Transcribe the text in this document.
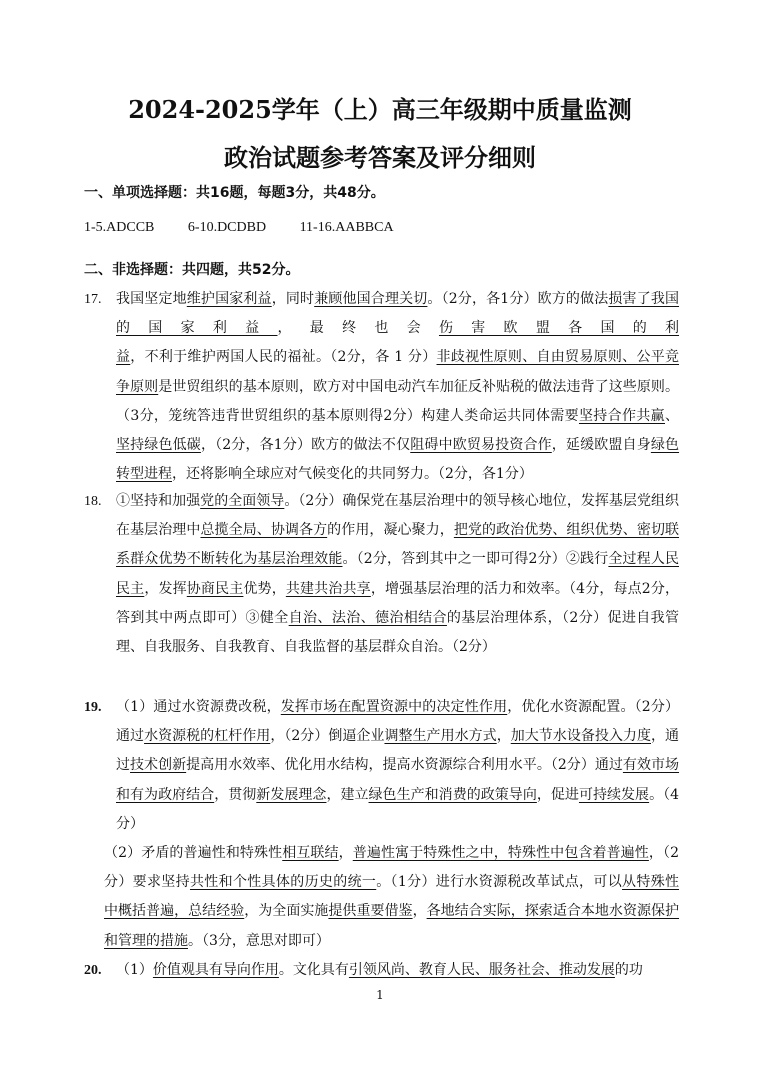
2024-2025学年（上）高三年级期中质量监测
政治试题参考答案及评分细则

一、单项选择题：共16题，每题3分，共48分。

1-5.ADCCB 6-10.DCDBD 11-16.AABBCA

二、非选择题：共四题，共52分。

17. 我国坚定地维护国家利益，同时兼顾他国合理关切。（2分，各1分）欧方的做法损害了我国的国家利益，最终也会伤害欧盟各国的利益，不利于维护两国人民的福祉。（2分，各 1 分）非歧视性原则、自由贸易原则、公平竞争原则是世贸组织的基本原则，欧方对中国电动汽车加征反补贴税的做法违背了这些原则。（3分，笼统答违背世贸组织的基本原则得2分）构建人类命运共同体需要坚持合作共赢、坚持绿色低碳，（2分，各1分）欧方的做法不仅阻碍中欧贸易投资合作，延缓欧盟自身绿色转型进程，还将影响全球应对气候变化的共同努力。（2分，各1分）
18. ①坚持和加强党的全面领导。（2分）确保党在基层治理中的领导核心地位，发挥基层党组织在基层治理中总揽全局、协调各方的作用，凝心聚力，把党的政治优势、组织优势、密切联系群众优势不断转化为基层治理效能。（2分，答到其中之一即可得2分）②践行全过程人民民主，发挥协商民主优势，共建共治共享，增强基层治理的活力和效率。（4分，每点2分，答到其中两点即可）③健全自治、法治、德治相结合的基层治理体系，（2分）促进自我管理、自我服务、自我教育、自我监督的基层群众自治。（2分）
19. （1）通过水资源费改税，发挥市场在配置资源中的决定性作用，优化水资源配置。（2分）通过水资源税的杠杆作用，（2分）倒逼企业调整生产用水方式，加大节水设备投入力度，通过技术创新提高用水效率、优化用水结构，提高水资源综合利用水平。（2分）通过有效市场和有为政府结合，贯彻新发展理念，建立绿色生产和消费的政策导向，促进可持续发展。（4分）
（2）矛盾的普遍性和特殊性相互联结，普遍性寓于特殊性之中，特殊性中包含着普遍性，（2分）要求坚持共性和个性具体的历史的统一。（1分）进行水资源税改革试点，可以从特殊性中概括普遍，总结经验，为全面实施提供重要借鉴，各地结合实际，探索适合本地水资源保护和管理的措施。（3分，意思对即可）
20. （1）价值观具有导向作用。文化具有引领风尚、教育人民、服务社会、推动发展的功
1
